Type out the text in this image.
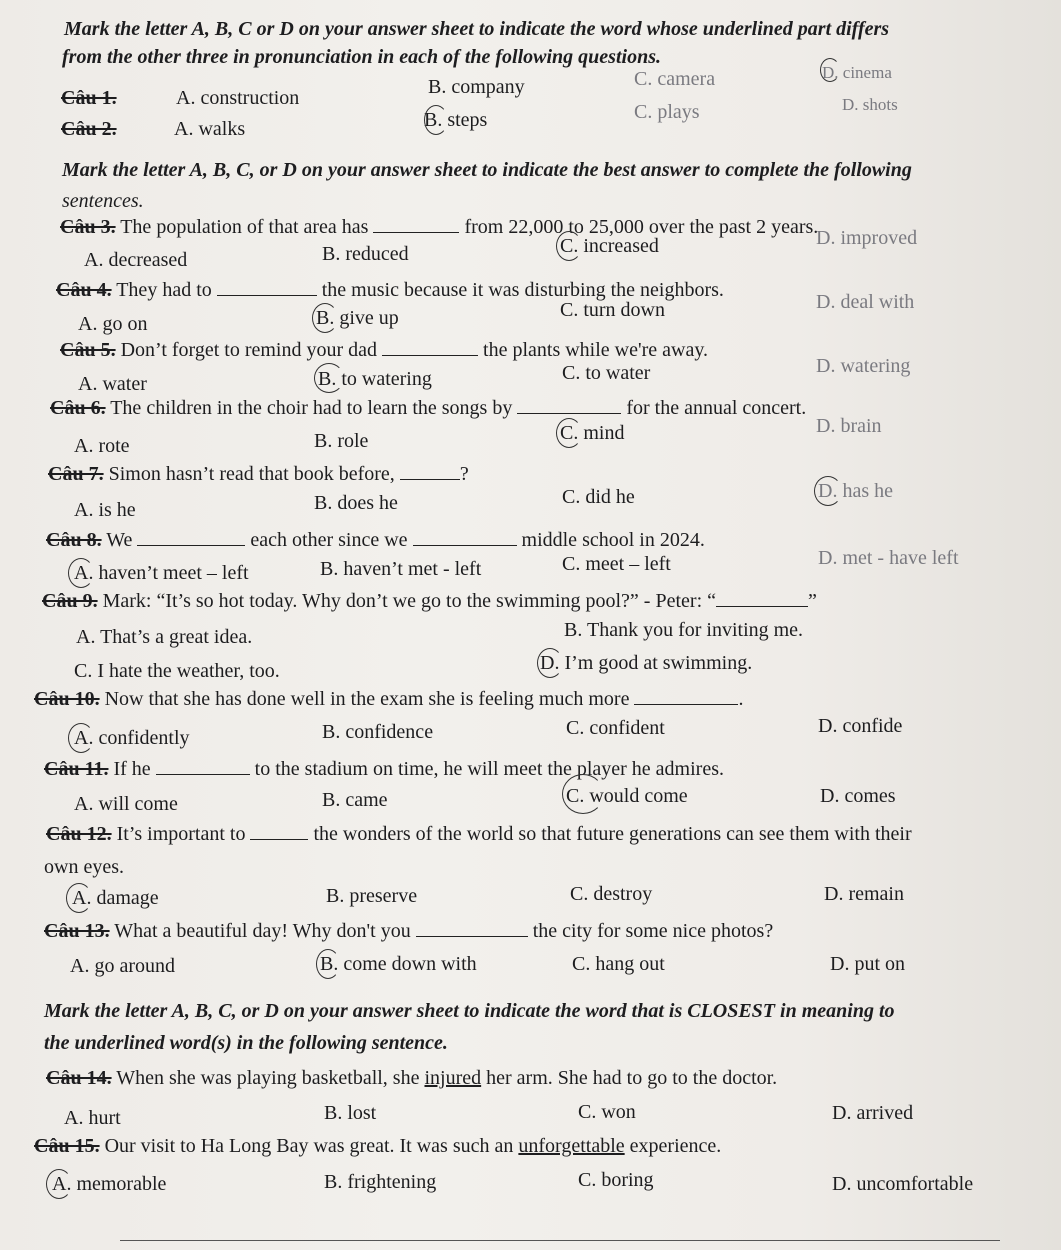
Mark the letter A, B, C or D on your answer sheet to indicate the word whose underlined part differs
from the other three in pronunciation in each of the following questions.
Câu 1.	A. construction	B. company	C. camera	D. cinema
Câu 2.	A. walks	B. steps	C. plays	D. shots
Mark the letter A, B, C, or D on your answer sheet to indicate the best answer to complete the following
sentences.
Câu 3. The population of that area has	from 22,000 to 25,000 over the past 2 years.
A. decreased	B. reduced	C. increased	D. improved
Câu 4. They had to	the music because it was disturbing the neighbors.
A. go on	B. give up	C. turn down	D. deal with
Câu 5. Don’t forget to remind your dad	the plants while we're away.
A. water	B. to watering	C. to water	D. watering
Câu 6. The children in the choir had to learn the songs by	for the annual concert.
A. rote	B. role	C. mind	D. brain
Câu 7. Simon hasn’t read that book before,	?
A. is he	B. does he	C. did he	D. has he
Câu 8. We	each other since we	middle school in 2024.
A. haven’t meet – left	B. haven’t met - left	C. meet – left	D. met - have left
Câu 9. Mark: “It’s so hot today. Why don’t we go to the swimming pool?” - Peter: “	”
A. That’s a great idea.	B. Thank you for inviting me.
C. I hate the weather, too.	D. I’m good at swimming.
Câu 10. Now that she has done well in the exam she is feeling much more	.
A. confidently	B. confidence	C. confident	D. confide
Câu 11. If he	to the stadium on time, he will meet the player he admires.
A. will come	B. came	C. would come	D. comes
Câu 12. It’s important to	the wonders of the world so that future generations can see them with their
own eyes.
A. damage	B. preserve	C. destroy	D. remain
Câu 13. What a beautiful day! Why don't you	the city for some nice photos?
A. go around	B. come down with	C. hang out	D. put on
Mark the letter A, B, C, or D on your answer sheet to indicate the word that is CLOSEST in meaning to
the underlined word(s) in the following sentence.
Câu 14. When she was playing basketball, she injured her arm. She had to go to the doctor.
A. hurt	B. lost	C. won	D. arrived
Câu 15. Our visit to Ha Long Bay was great. It was such an unforgettable experience.
A. memorable	B. frightening	C. boring	D. uncomfortable
